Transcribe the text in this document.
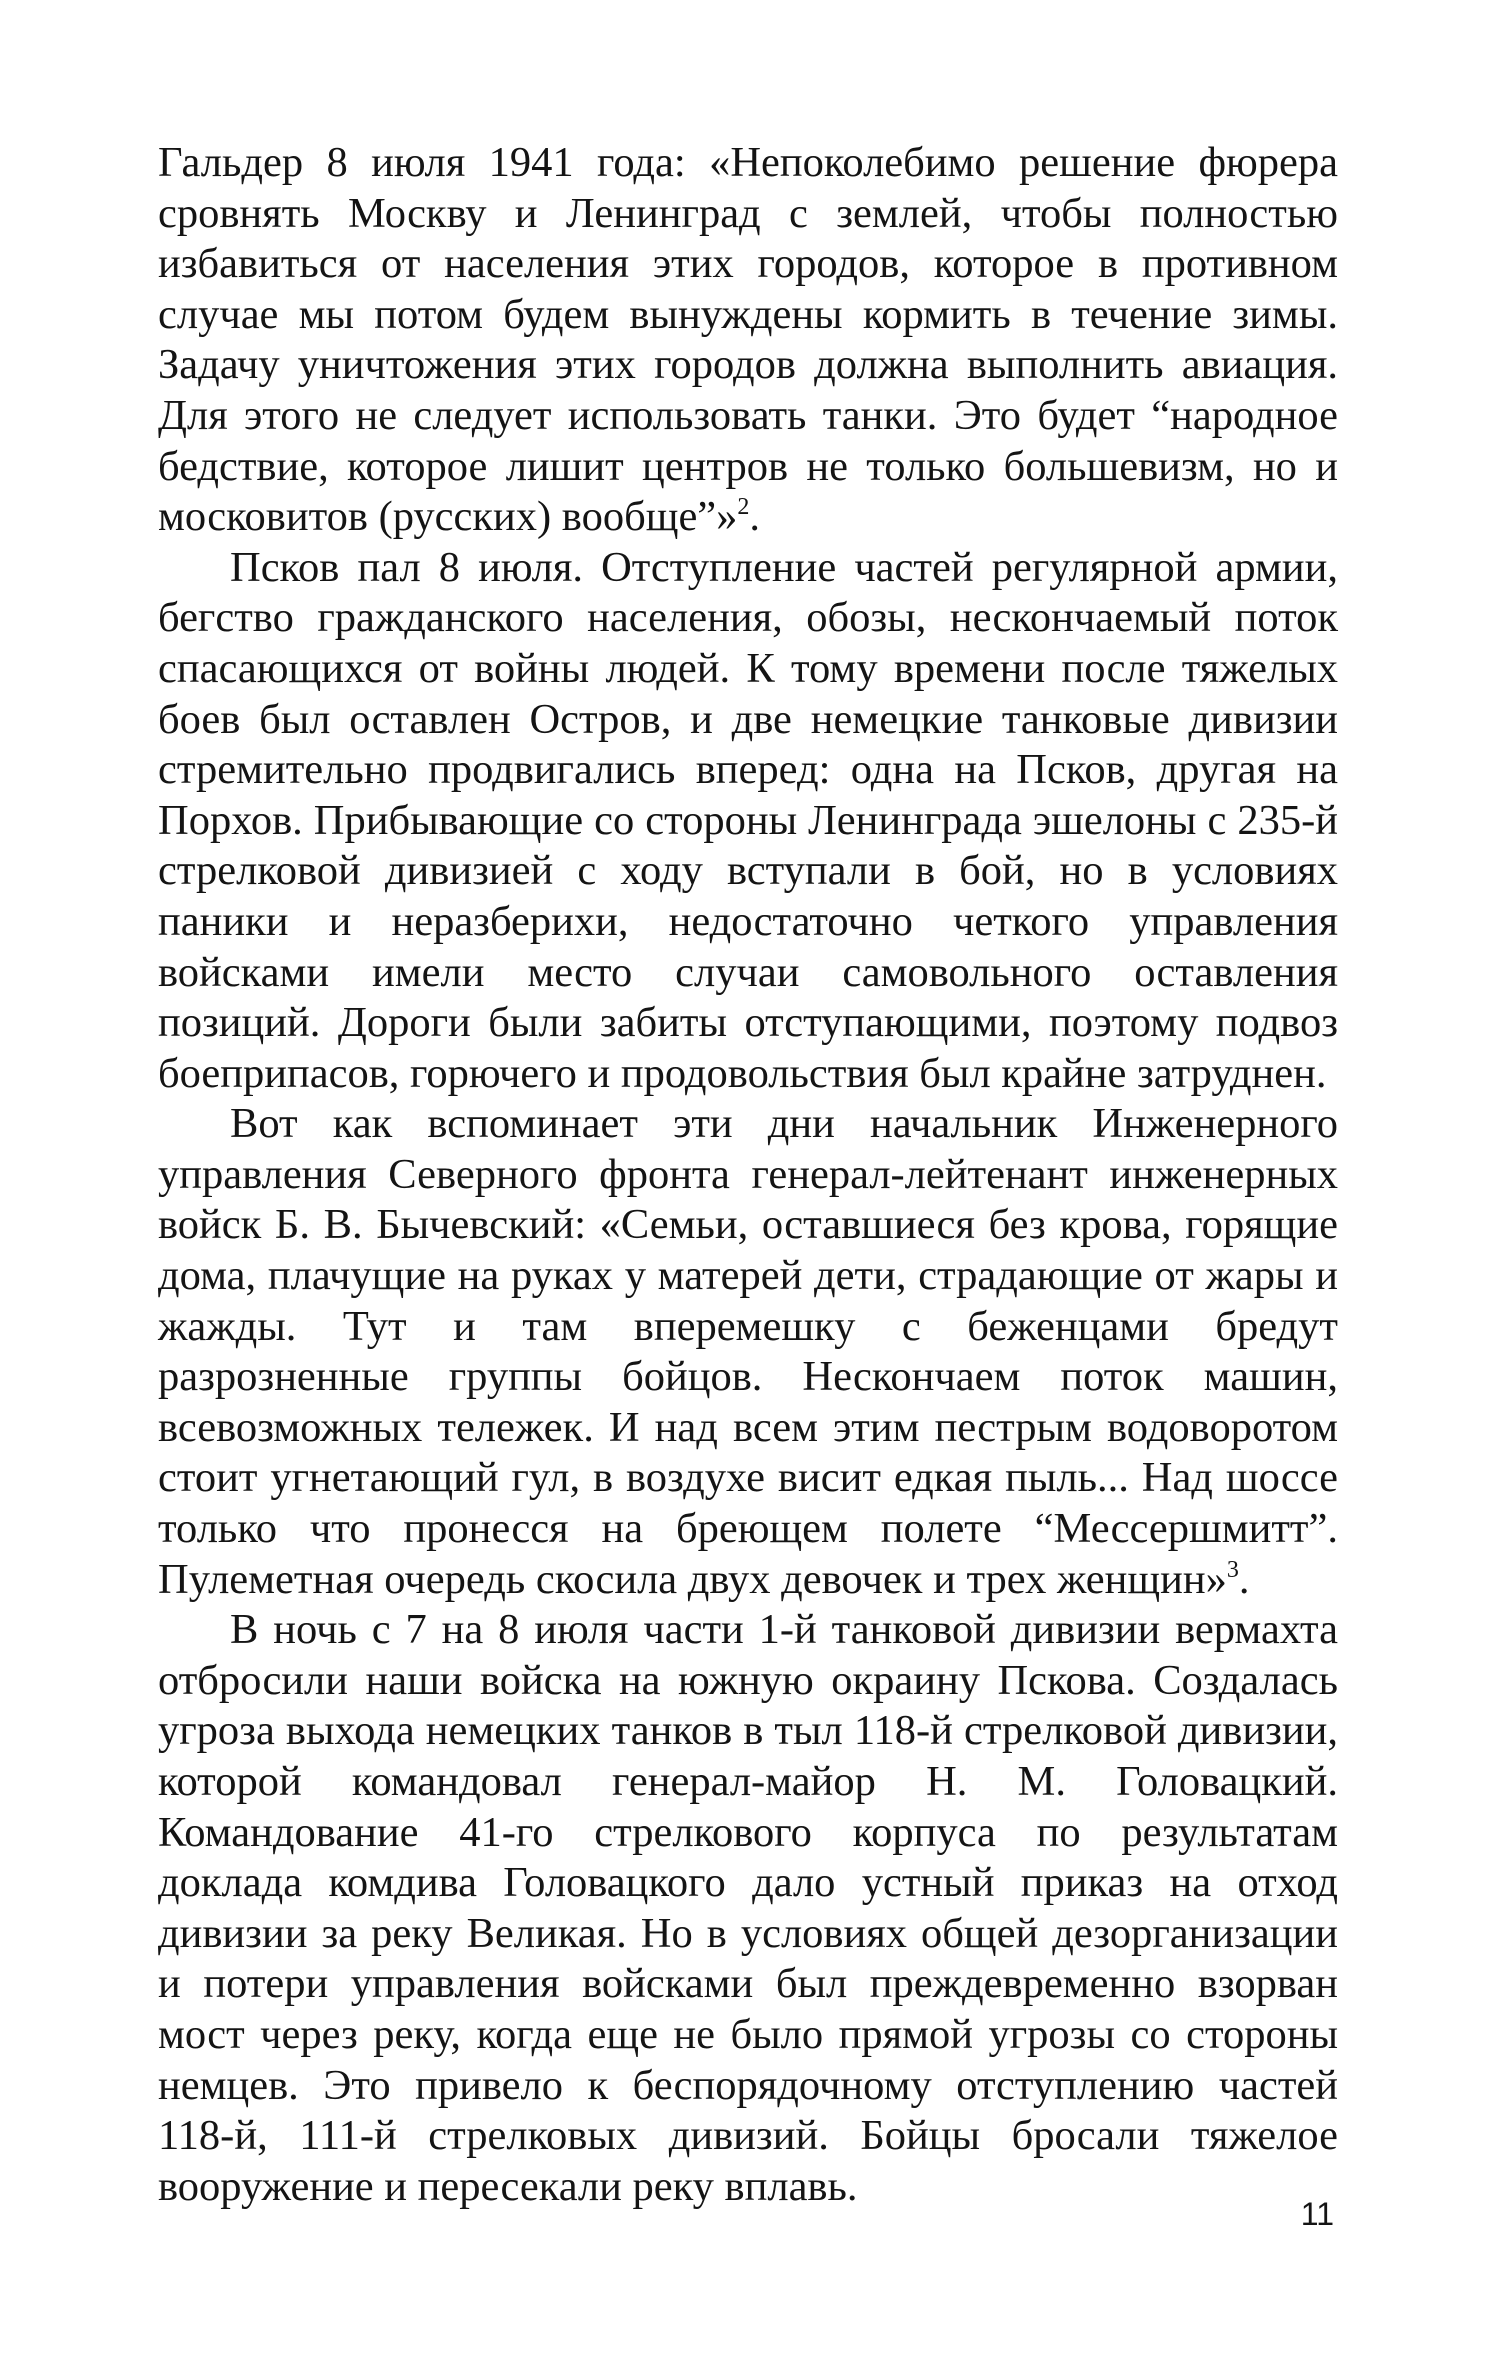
Гальдер 8 июля 1941 года: «Непоколебимо решение фюрера сровнять Москву и Ленинград с землей, чтобы полностью избавиться от населения этих городов, которое в противном случае мы потом будем вынуждены кормить в течение зимы. Задачу уничтожения этих городов должна выполнить авиация. Для этого не следует использовать танки. Это будет “народное бедствие, которое лишит центров не только большевизм, но и московитов (русских) вообще”»$^2$.

Псков пал 8 июля. Отступление частей регулярной армии, бегство гражданского населения, обозы, нескончаемый поток спасающихся от войны людей. К тому времени после тяжелых боев был оставлен Остров, и две немецкие танковые дивизии стремительно продвигались вперед: одна на Псков, другая на Порхов. Прибывающие со стороны Ленинграда эшелоны с 235-й стрелковой дивизией с ходу вступали в бой, но в условиях паники и неразберихи, недостаточно четкого управления войсками имели место случаи самовольного оставления позиций. Дороги были забиты отступающими, поэтому подвоз боеприпасов, горючего и продовольствия был крайне затруднен.

Вот как вспоминает эти дни начальник Инженерного управления Северного фронта генерал-лейтенант инженерных войск Б. В. Бычевский: «Семьи, оставшиеся без крова, горящие дома, плачущие на руках у матерей дети, страдающие от жары и жажды. Тут и там вперемешку с беженцами бредут разрозненные группы бойцов. Нескончаем поток машин, всевозможных тележек. И над всем этим пестрым водоворотом стоит угнетающий гул, в воздухе висит едкая пыль... Над шоссе только что пронесся на бреющем полете “Мессершмитт”. Пулеметная очередь скосила двух девочек и трех женщин»$^3$.

В ночь с 7 на 8 июля части 1-й танковой дивизии вермахта отбросили наши войска на южную окраину Пскова. Создалась угроза выхода немецких танков в тыл 118-й стрелковой дивизии, которой командовал генерал-майор Н. М. Головацкий. Командование 41-го стрелкового корпуса по результатам доклада комдива Головацкого дало устный приказ на отход дивизии за реку Великая. Но в условиях общей дезорганизации и потери управления войсками был преждевременно взорван мост через реку, когда еще не было прямой угрозы со стороны немцев. Это привело к беспорядочному отступлению частей 118-й, 111-й стрелковых дивизий. Бойцы бросали тяжелое вооружение и пересекали реку вплавь.

11
